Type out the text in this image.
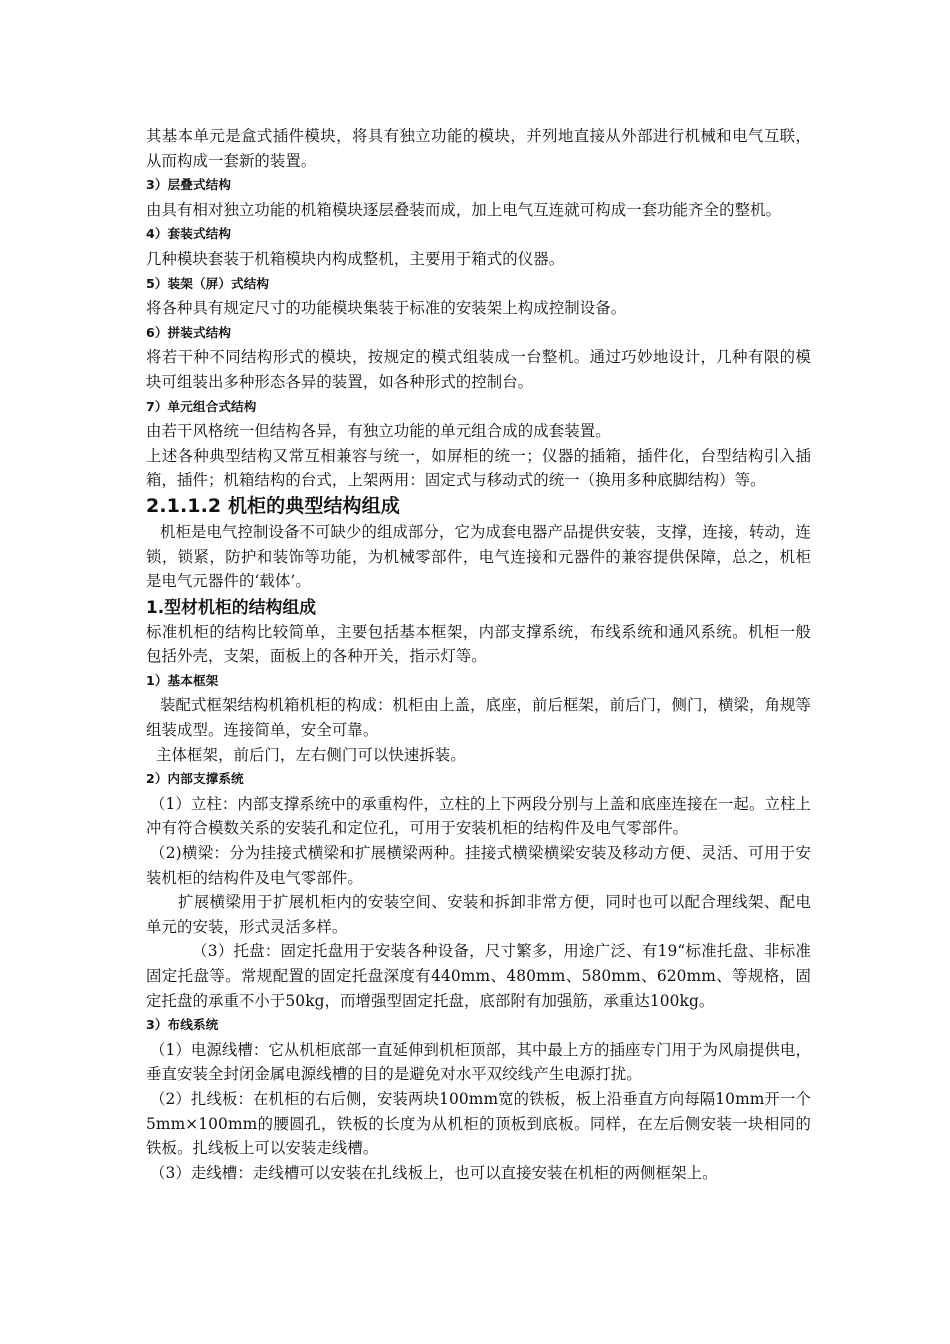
其基本单元是盒式插件模块，将具有独立功能的模块，并列地直接从外部进行机械和电气互联，从而构成一套新的装置。
3）层叠式结构
由具有相对独立功能的机箱模块逐层叠装而成，加上电气互连就可构成一套功能齐全的整机。
4）套装式结构
几种模块套装于机箱模块内构成整机，主要用于箱式的仪器。
5）装架（屏）式结构
将各种具有规定尺寸的功能模块集装于标准的安装架上构成控制设备。
6）拼装式结构
将若干种不同结构形式的模块，按规定的模式组装成一台整机。通过巧妙地设计，几种有限的模块可组装出多种形态各异的装置，如各种形式的控制台。
7）单元组合式结构
由若干风格统一但结构各异，有独立功能的单元组合成的成套装置。
上述各种典型结构又常互相兼容与统一，如屏柜的统一；仪器的插箱，插件化，台型结构引入插箱，插件；机箱结构的台式，上架两用：固定式与移动式的统一（换用多种底脚结构）等。
2.1.1.2 机柜的典型结构组成
机柜是电气控制设备不可缺少的组成部分，它为成套电器产品提供安装，支撑，连接，转动，连锁，锁紧，防护和装饰等功能，为机械零部件，电气连接和元器件的兼容提供保障，总之，机柜是电气元器件的‘载体’。
1.型材机柜的结构组成
标准机柜的结构比较简单，主要包括基本框架，内部支撑系统，布线系统和通风系统。机柜一般包括外壳，支架，面板上的各种开关，指示灯等。
1）基本框架
装配式框架结构机箱机柜的构成：机柜由上盖，底座，前后框架，前后门，侧门，横梁，角规等组装成型。连接简单，安全可靠。
主体框架，前后门，左右侧门可以快速拆装。
2）内部支撑系统
（1）立柱：内部支撑系统中的承重构件，立柱的上下两段分别与上盖和底座连接在一起。立柱上冲有符合模数关系的安装孔和定位孔，可用于安装机柜的结构件及电气零部件。
（2)横梁：分为挂接式横梁和扩展横梁两种。挂接式横梁横梁安装及移动方便、灵活、可用于安装机柜的结构件及电气零部件。
扩展横梁用于扩展机柜内的安装空间、安装和拆卸非常方便，同时也可以配合理线架、配电单元的安装，形式灵活多样。
（3）托盘：固定托盘用于安装各种设备，尺寸繁多，用途广泛、有19“标准托盘、非标准固定托盘等。常规配置的固定托盘深度有440mm、480mm、580mm、620mm、等规格，固定托盘的承重不小于50kg，而增强型固定托盘，底部附有加强筋，承重达100kg。
3）布线系统
（1）电源线槽：它从机柜底部一直延伸到机柜顶部，其中最上方的插座专门用于为风扇提供电，垂直安装全封闭金属电源线槽的目的是避免对水平双绞线产生电源打扰。
（2）扎线板：在机柜的右后侧，安装两块100mm宽的铁板，板上沿垂直方向每隔10mm开一个5mm×100mm的腰圆孔，铁板的长度为从机柜的顶板到底板。同样，在左后侧安装一块相同的铁板。扎线板上可以安装走线槽。
（3）走线槽：走线槽可以安装在扎线板上，也可以直接安装在机柜的两侧框架上。
